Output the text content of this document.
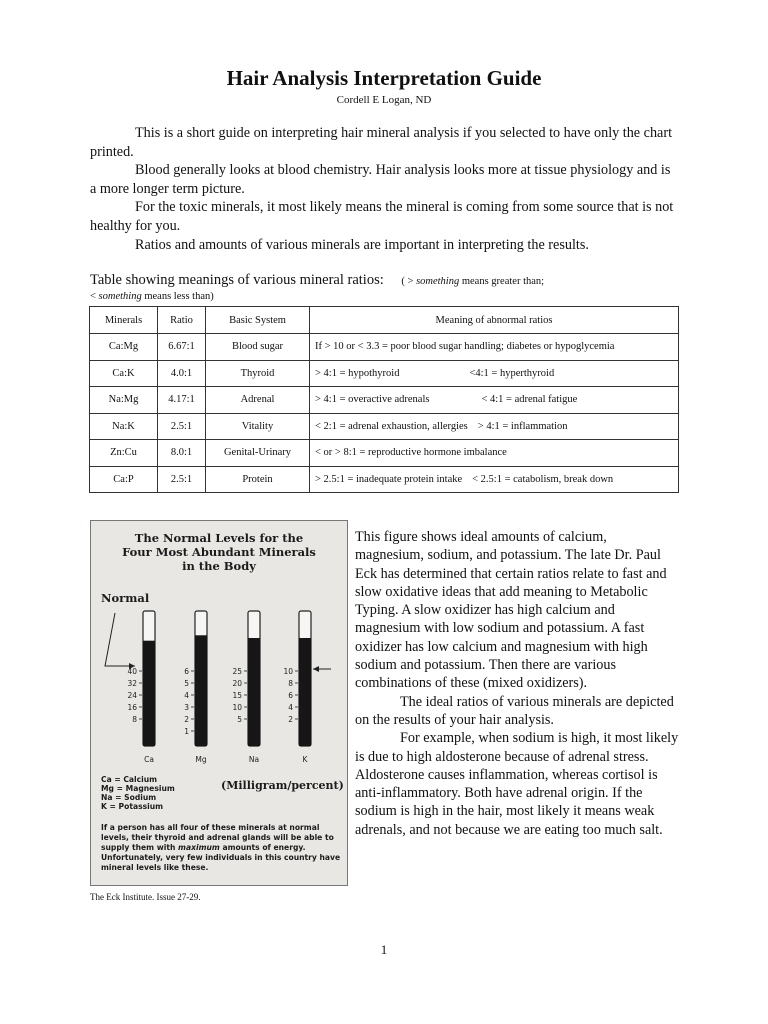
Hair Analysis Interpretation Guide
Cordell E Logan, ND

This is a short guide on interpreting hair mineral analysis if you selected to have only the chart printed.

Blood generally looks at blood chemistry. Hair analysis looks more at tissue physiology and is a more longer term picture.

For the toxic minerals, it most likely means the mineral is coming from some source that is not healthy for you.

Ratios and amounts of various minerals are important in interpreting the results.

Table showing meanings of various mineral ratios: ( > something means greater than;
< something means less than)
Minerals	Ratio	Basic System	Meaning of abnormal ratios
Ca:Mg	6.67:1	Blood sugar	If > 10 or < 3.3 = poor blood sugar handling; diabetes or hypoglycemia
Ca:K	4.0:1	Thyroid	> 4:1 = hypothyroid <4:1 = hyperthyroid
Na:Mg	4.17:1	Adrenal	> 4:1 = overactive adrenals < 4:1 = adrenal fatigue
Na:K	2.5:1	Vitality	< 2:1 = adrenal exhaustion, allergies > 4:1 = inflammation
Zn:Cu	8.0:1	Genital-Urinary	< or > 8:1 = reproductive hormone imbalance
Ca:P	2.5:1	Protein	> 2.5:1 = inadequate protein intake < 2.5:1 = catabolism, break down
The Normal Levels for the
Four Most Abundant Minerals
in the Body
Normal
40
32
24
16
8
Ca
6
5
4
3
2
1
Mg
25
20
15
10
5
Na
10
8
6
4
2
K
(Milligram/percent)
Ca = Calcium
Mg = Magnesium
Na = Sodium
K = Potassium
If a person has all four of these minerals at normal levels, their thyroid and adrenal glands will be able to supply them with maximum amounts of energy. Unfortunately, very few individuals in this country have mineral levels like these.

This figure shows ideal amounts of calcium, magnesium, sodium, and potassium. The late Dr. Paul Eck has determined that certain ratios relate to fast and slow oxidative ideas that add meaning to Metabolic Typing. A slow oxidizer has high calcium and magnesium with low sodium and potassium. A fast oxidizer has low calcium and magnesium with high sodium and potassium. Then there are various combinations of these (mixed oxidizers).

The ideal ratios of various minerals are depicted on the results of your hair analysis.

For example, when sodium is high, it most likely is due to high aldosterone because of adrenal stress. Aldosterone causes inflammation, whereas cortisol is anti-inflammatory. Both have adrenal origin. If the sodium is high in the hair, most likely it means weak adrenals, and not because we are eating too much salt.

The Eck Institute. Issue 27-29.
1
